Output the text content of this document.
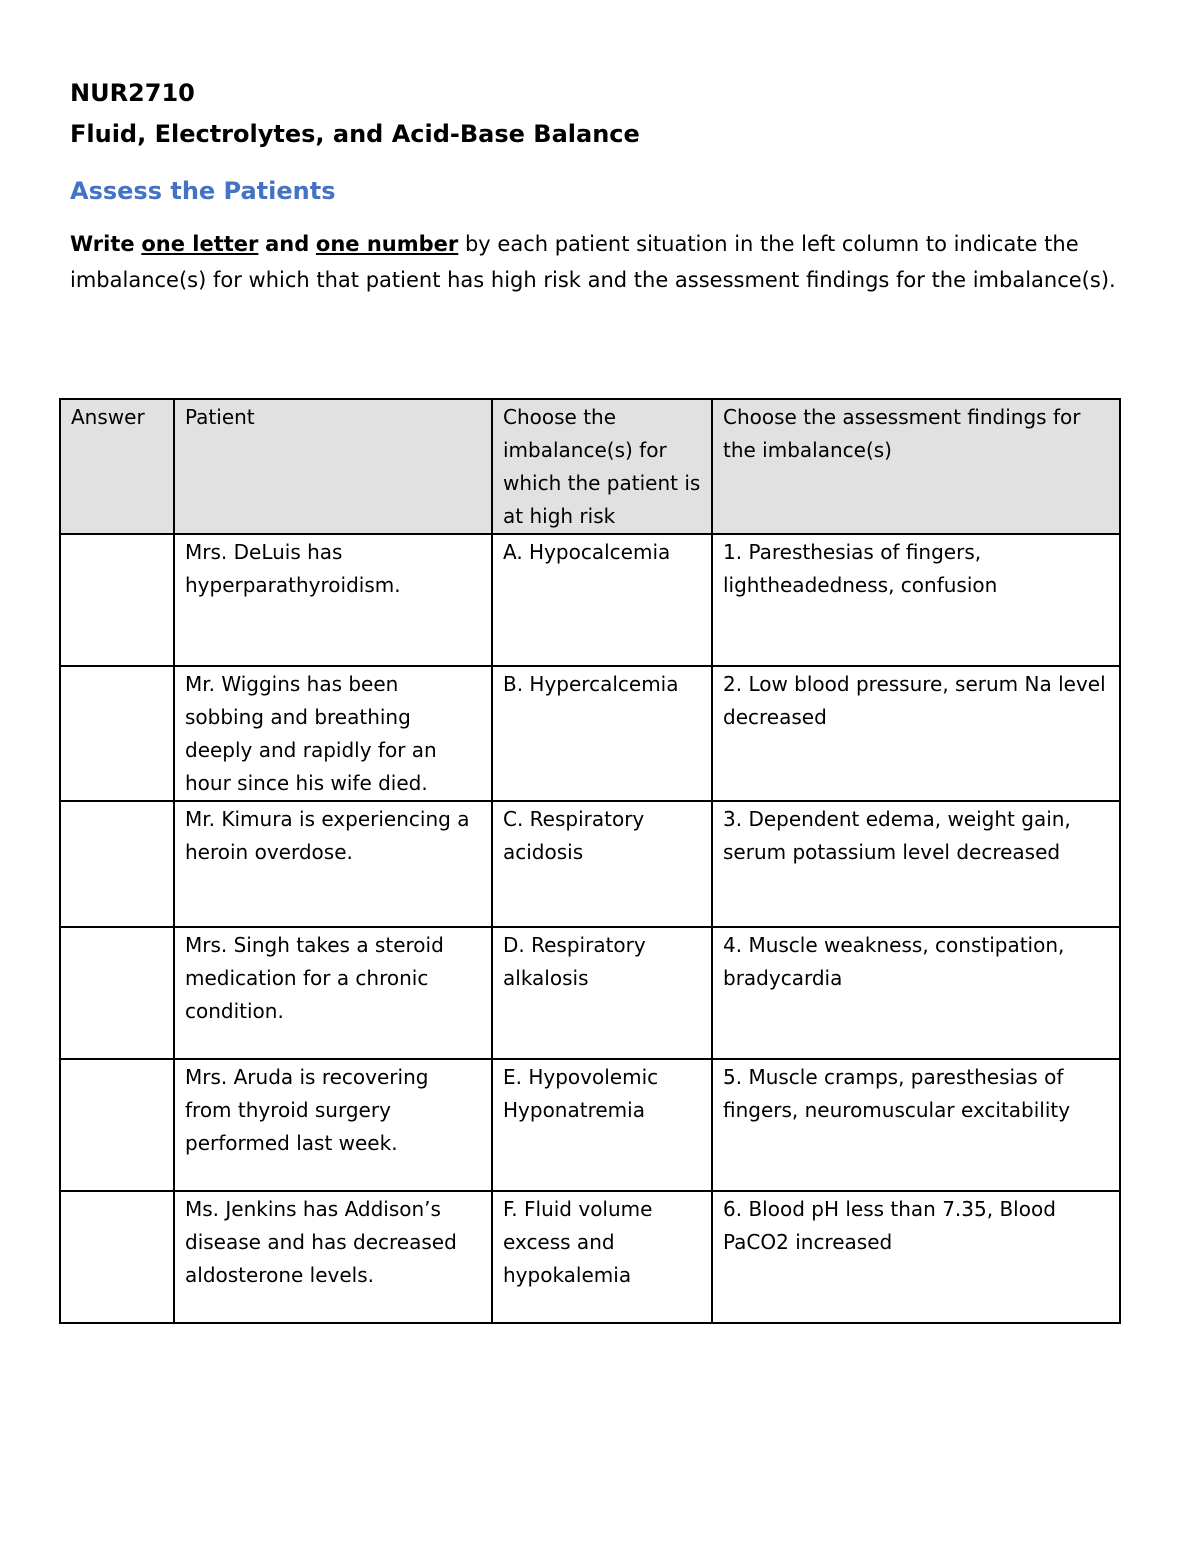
NUR2710

Fluid, Electrolytes, and Acid-Base Balance

Assess the Patients

Write one letter and one number by each patient situation in the left column to indicate the imbalance(s) for which that patient has high risk and the assessment findings for the imbalance(s).

Answer	Patient	Choose the imbalance(s) for which the patient is at high risk	Choose the assessment findings for the imbalance(s)
	Mrs. DeLuis has hyperparathyroidism.	A. Hypocalcemia	1. Paresthesias of fingers, lightheadedness, confusion
	Mr. Wiggins has been sobbing and breathing deeply and rapidly for an hour since his wife died.	B. Hypercalcemia	2. Low blood pressure, serum Na level decreased
	Mr. Kimura is experiencing a heroin overdose.	C. Respiratory acidosis	3. Dependent edema, weight gain, serum potassium level decreased
	Mrs. Singh takes a steroid medication for a chronic condition.	D. Respiratory alkalosis	4. Muscle weakness, constipation, bradycardia
	Mrs. Aruda is recovering from thyroid surgery performed last week.	E. Hypovolemic Hyponatremia	5. Muscle cramps, paresthesias of fingers, neuromuscular excitability
	Ms. Jenkins has Addison’s disease and has decreased aldosterone levels.	F. Fluid volume excess and hypokalemia	6. Blood pH less than 7.35, Blood PaCO2 increased
